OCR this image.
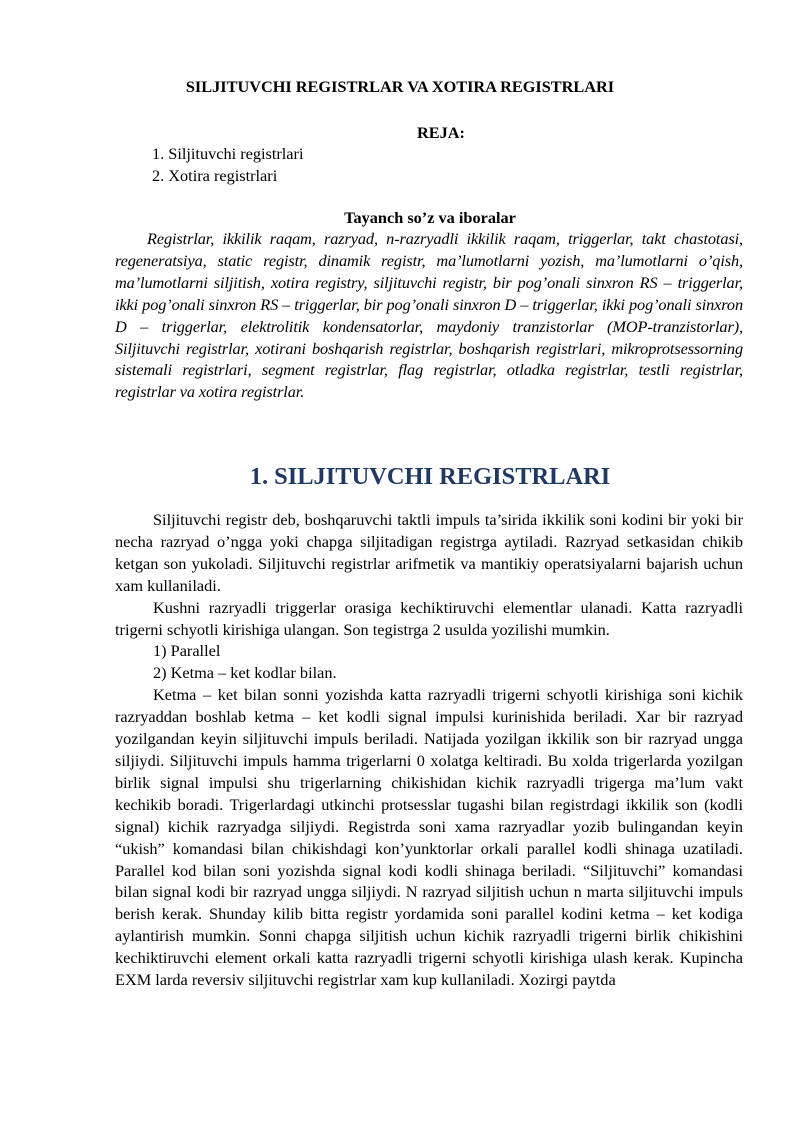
SILJITUVCHI REGISTRLAR VA XOTIRA REGISTRLARI
REJA:
1. Siljituvchi registrlari
2. Xotira registrlari
Tayanch so’z va iboralar

Registrlar, ikkilik raqam, razryad, n-razryadli ikkilik raqam, triggerlar, takt chastotasi, regeneratsiya, static registr, dinamik registr, ma’lumotlarni yozish, ma’lumotlarni o’qish, ma’lumotlarni siljitish, xotira registry, siljituvchi registr, bir pog’onali sinxron RS – triggerlar, ikki pog’onali sinxron RS – triggerlar, bir pog’onali sinxron D – triggerlar, ikki pog’onali sinxron D – triggerlar, elektrolitik kondensatorlar, maydoniy tranzistorlar (MOP-tranzistorlar), Siljituvchi registrlar, xotirani boshqarish registrlar, boshqarish registrlari, mikroprotsessorning sistemali registrlari, segment registrlar, flag registrlar, otladka registrlar, testli registrlar, registrlar va xotira registrlar.

1. SILJITUVCHI REGISTRLARI

Siljituvchi registr deb, boshqaruvchi taktli impuls ta’sirida ikkilik soni kodini bir yoki bir necha razryad o’ngga yoki chapga siljitadigan registrga aytiladi. Razryad setkasidan chikib ketgan son yukoladi. Siljituvchi registrlar arifmetik va mantikiy operatsiyalarni bajarish uchun xam kullaniladi.

Kushni razryadli triggerlar orasiga kechiktiruvchi elementlar ulanadi. Katta razryadli trigerni schyotli kirishiga ulangan. Son tegistrga 2 usulda yozilishi mumkin.

1) Parallel

2) Ketma – ket kodlar bilan.

Ketma – ket bilan sonni yozishda katta razryadli trigerni schyotli kirishiga soni kichik razryaddan boshlab ketma – ket kodli signal impulsi kurinishida beriladi. Xar bir razryad yozilgandan keyin siljituvchi impuls beriladi. Natijada yozilgan ikkilik son bir razryad ungga siljiydi. Siljituvchi impuls hamma trigerlarni 0 xolatga keltiradi. Bu xolda trigerlarda yozilgan birlik signal impulsi shu trigerlarning chikishidan kichik razryadli trigerga ma’lum vakt kechikib boradi. Trigerlardagi utkinchi protsesslar tugashi bilan registrdagi ikkilik son (kodli signal) kichik razryadga siljiydi. Registrda soni xama razryadlar yozib bulingandan keyin “ukish” komandasi bilan chikishdagi kon’yunktorlar orkali parallel kodli shinaga uzatiladi. Parallel kod bilan soni yozishda signal kodi kodli shinaga beriladi. “Siljituvchi” komandasi bilan signal kodi bir razryad ungga siljiydi. N razryad siljitish uchun n marta siljituvchi impuls berish kerak. Shunday kilib bitta registr yordamida soni parallel kodini ketma – ket kodiga aylantirish mumkin. Sonni chapga siljitish uchun kichik razryadli trigerni birlik chikishini kechiktiruvchi element orkali katta razryadli trigerni schyotli kirishiga ulash kerak. Kupincha EXM larda reversiv siljituvchi registrlar xam kup kullaniladi. Xozirgi paytda
